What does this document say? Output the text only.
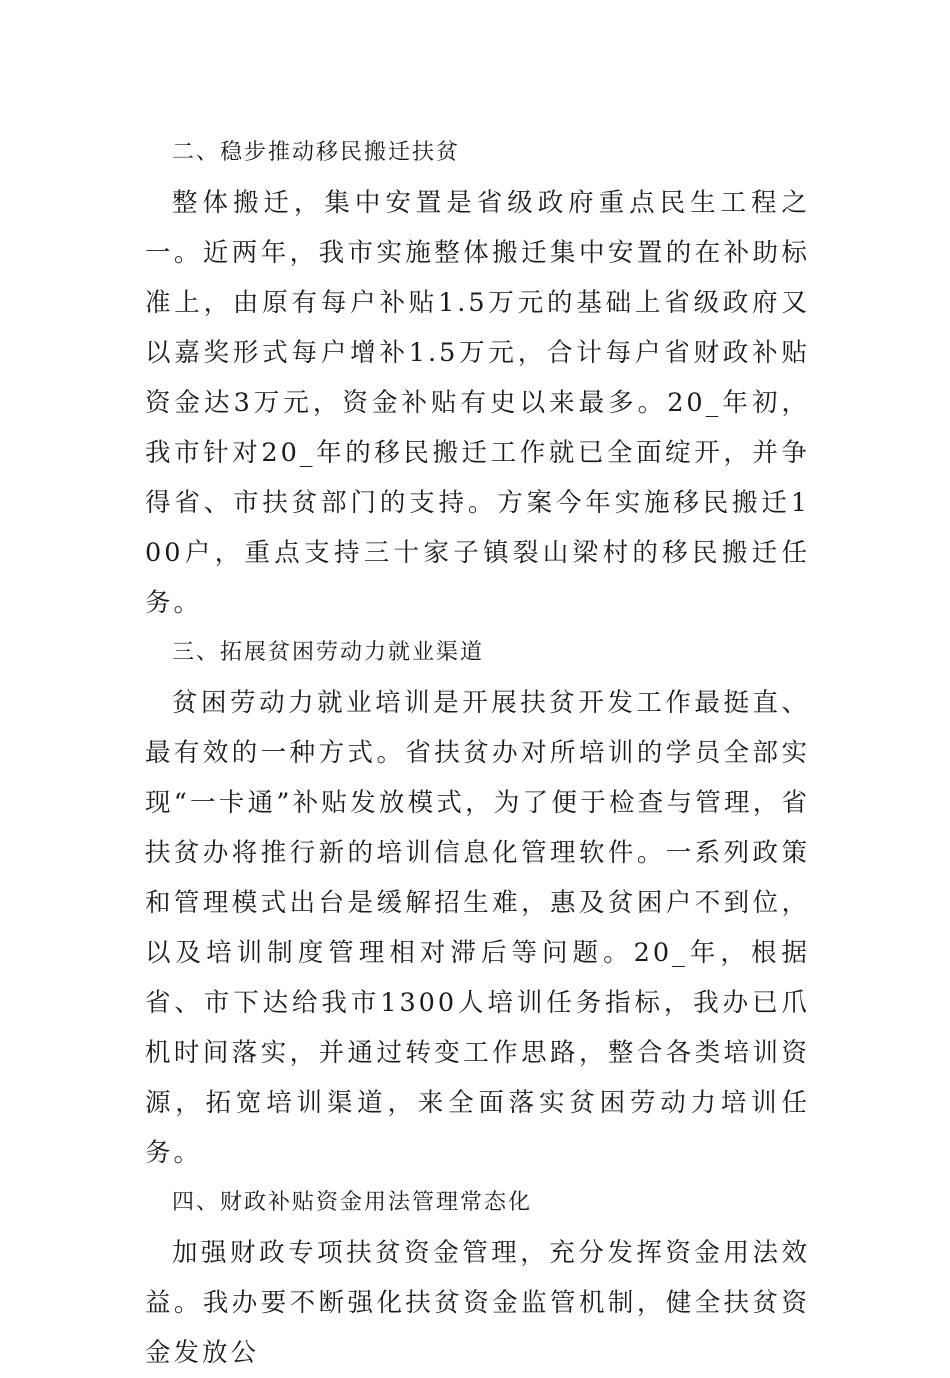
二、稳步推动移民搬迁扶贫

整体搬迁，集中安置是省级政府重点民生工程之一。近两年，我市实施整体搬迁集中安置的在补助标准上，由原有每户补贴1.5万元的基础上省级政府又以嘉奖形式每户增补1.5万元，合计每户省财政补贴资金达3万元，资金补贴有史以来最多。20_年初，我市针对20_年的移民搬迁工作就已全面绽开，并争得省、市扶贫部门的支持。方案今年实施移民搬迁100户，重点支持三十家子镇裂山梁村的移民搬迁任务。

三、拓展贫困劳动力就业渠道

贫困劳动力就业培训是开展扶贫开发工作最挺直、最有效的一种方式。省扶贫办对所培训的学员全部实现“一卡通”补贴发放模式，为了便于检查与管理，省扶贫办将推行新的培训信息化管理软件。一系列政策和管理模式出台是缓解招生难，惠及贫困户不到位，以及培训制度管理相对滞后等问题。20_年，根据省、市下达给我市1300人培训任务指标，我办已爪机时间落实，并通过转变工作思路，整合各类培训资源，拓宽培训渠道，来全面落实贫困劳动力培训任务。

四、财政补贴资金用法管理常态化

加强财政专项扶贫资金管理，充分发挥资金用法效益。我办要不断强化扶贫资金监管机制，健全扶贫资金发放公
